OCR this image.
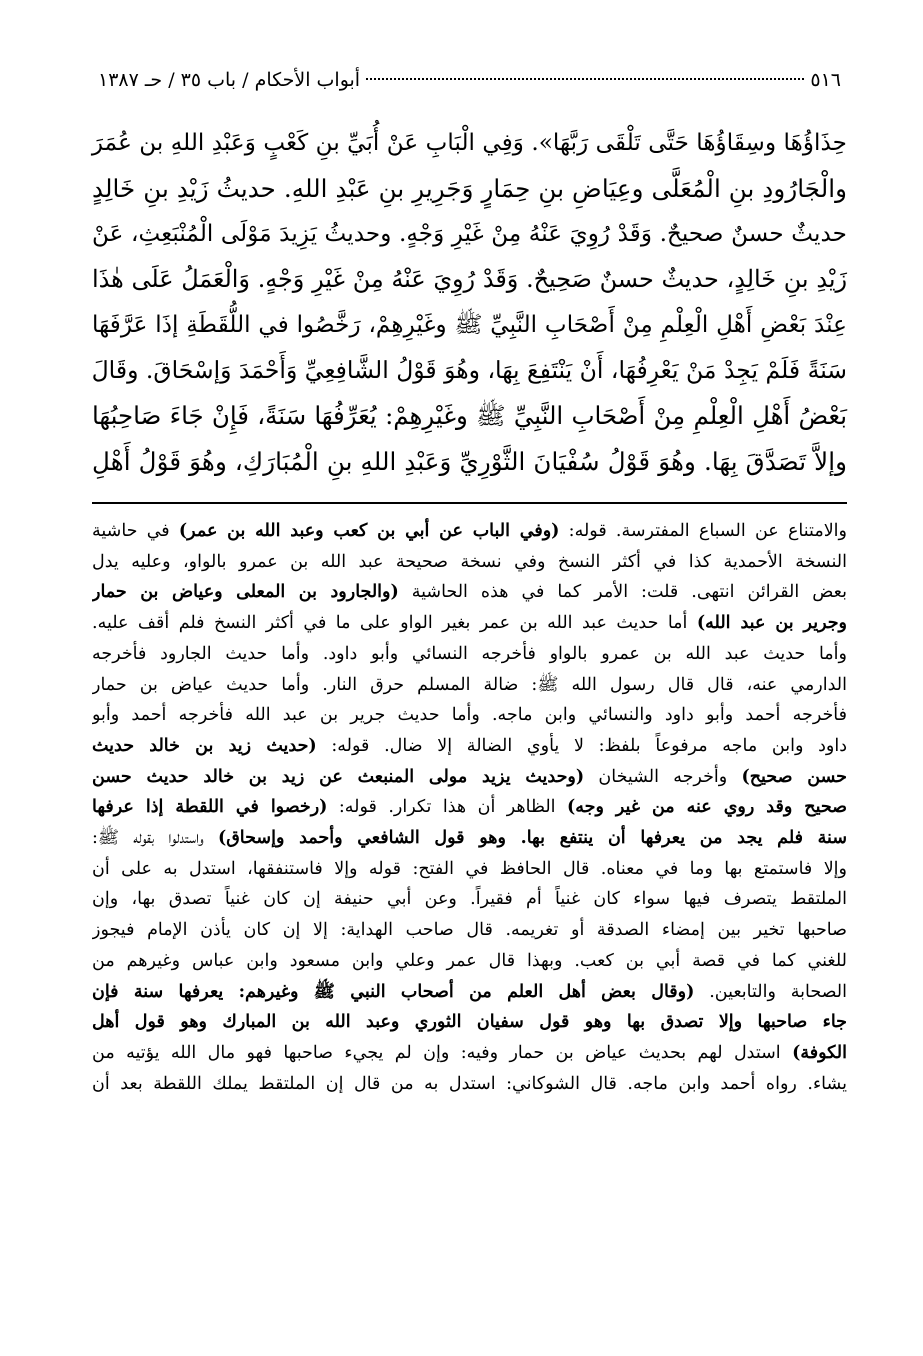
٥١٦
أبواب الأحكام / باب ٣٥ / حـ ١٣٨٧
حِذَاؤُهَا وسِقَاؤُهَا حَتَّى تَلْقَى رَبَّهَا». وَفِي الْبَابِ عَنْ أُبَيِّ بنِ كَعْبٍ وَعَبْدِ اللهِ بن عُمَرَ
والْجَارُودِ بنِ الْمُعَلَّى وعِيَاضِ بنِ حِمَارٍ وَجَرِيرِ بنِ عَبْدِ اللهِ. حديثُ زَيْدِ بنِ خَالِدٍ
حديثٌ حسنٌ صحيحٌ. وَقَدْ رُوِيَ عَنْهُ مِنْ غَيْرِ وَجْهٍ. وحديثُ يَزِيدَ مَوْلَى الْمُنْبَعِثِ، عَنْ
زَيْدِ بنِ خَالِدٍ، حديثٌ حسنٌ صَحِيحٌ. وَقَدْ رُوِيَ عَنْهُ مِنْ غَيْرِ وَجْهٍ. وَالْعَمَلُ عَلَى هٰذَا
عِنْدَ بَعْضِ أَهْلِ الْعِلْمِ مِنْ أَصْحَابِ النَّبِيِّ ﷺ وغَيْرِهِمْ، رَخَّصُوا في اللُّقَطَةِ إذَا عَرَّفَهَا
سَنَةً فَلَمْ يَجِدْ مَنْ يَعْرِفُهَا، أَنْ يَنْتَفِعَ بِهَا، وهُوَ قَوْلُ الشَّافِعِيِّ وَأَحْمَدَ وَإسْحَاقَ. وقَالَ
بَعْضُ أَهْلِ الْعِلْمِ مِنْ أَصْحَابِ النَّبِيِّ ﷺ وغَيْرِهِمْ: يُعَرِّفُهَا سَنَةً، فَإِنْ جَاءَ صَاحِبُهَا
وإلاَّ تَصَدَّقَ بِهَا. وهُوَ قَوْلُ سُفْيَانَ الثَّوْرِيِّ وَعَبْدِ اللهِ بنِ الْمُبَارَكِ، وهُوَ قَوْلُ أَهْلِ
والامتناع عن السباع المفترسة. قوله: (وفي الباب عن أبي بن كعب وعبد الله بن عمر) في حاشية
النسخة الأحمدية كذا في أكثر النسخ وفي نسخة صحيحة عبد الله بن عمرو بالواو، وعليه يدل
بعض القرائن انتهى. قلت: الأمر كما في هذه الحاشية (والجارود بن المعلى وعياض بن حمار
وجرير بن عبد الله) أما حديث عبد الله بن عمر بغير الواو على ما في أكثر النسخ فلم أقف عليه.
وأما حديث عبد الله بن عمرو بالواو فأخرجه النسائي وأبو داود. وأما حديث الجارود فأخرجه
الدارمي عنه، قال قال رسول الله ﷺ: ضالة المسلم حرق النار. وأما حديث عياض بن حمار
فأخرجه أحمد وأبو داود والنسائي وابن ماجه. وأما حديث جرير بن عبد الله فأخرجه أحمد وأبو
داود وابن ماجه مرفوعاً بلفظ: لا يأوي الضالة إلا ضال. قوله: (حديث زيد بن خالد حديث
حسن صحيح) وأخرجه الشيخان (وحديث يزيد مولى المنبعث عن زيد بن خالد حديث حسن
صحيح وقد روي عنه من غير وجه) الظاهر أن هذا تكرار. قوله: (رخصوا في اللقطة إذا عرفها
سنة فلم يجد من يعرفها أن ينتفع بها. وهو قول الشافعي وأحمد وإسحاق) واستدلوا بقوله ﷺ:
وإلا فاستمتع بها وما في معناه. قال الحافظ في الفتح: قوله وإلا فاستنفقها، استدل به على أن
الملتقط يتصرف فيها سواء كان غنياً أم فقيراً. وعن أبي حنيفة إن كان غنياً تصدق بها، وإن
صاحبها تخير بين إمضاء الصدقة أو تغريمه. قال صاحب الهداية: إلا إن كان يأذن الإمام فيجوز
للغني كما في قصة أبي بن كعب. وبهذا قال عمر وعلي وابن مسعود وابن عباس وغيرهم من
الصحابة والتابعين. (وقال بعض أهل العلم من أصحاب النبي ﷺ وغيرهم: يعرفها سنة فإن
جاء صاحبها وإلا تصدق بها وهو قول سفيان الثوري وعبد الله بن المبارك وهو قول أهل
الكوفة) استدل لهم بحديث عياض بن حمار وفيه: وإن لم يجيء صاحبها فهو مال الله يؤتيه من
يشاء. رواه أحمد وابن ماجه. قال الشوكاني: استدل به من قال إن الملتقط يملك اللقطة بعد أن
